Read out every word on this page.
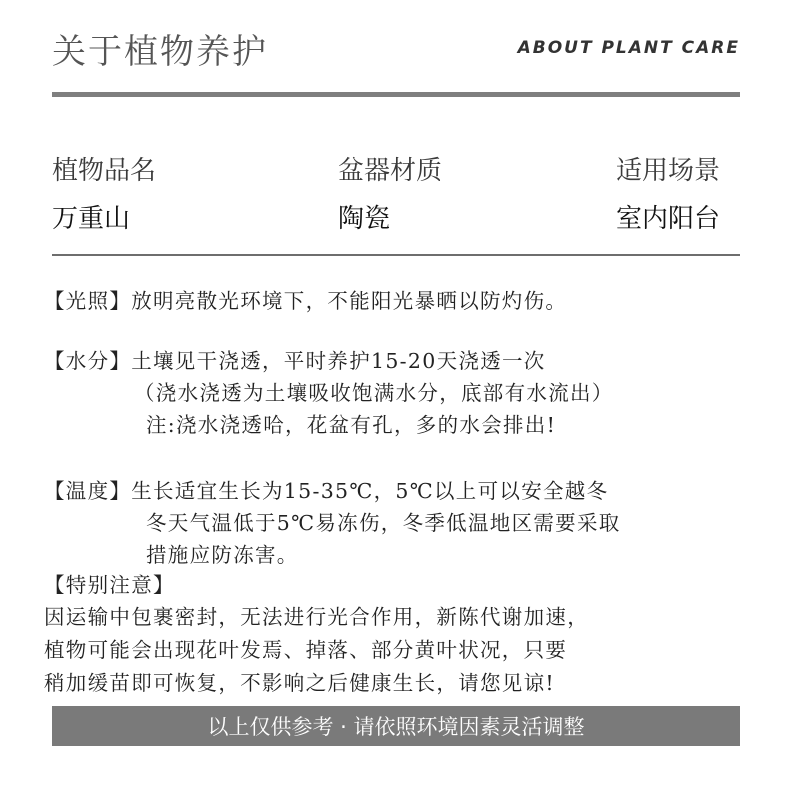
关于植物养护	ABOUT PLANT CARE
植物品名
万重山
盆器材质
陶瓷
适用场景
室内阳台
【光照】放明亮散光环境下，不能阳光暴晒以防灼伤。
【水分】土壤见干浇透，平时养护15-20天浇透一次
（浇水浇透为土壤吸收饱满水分，底部有水流出）
注:浇水浇透哈，花盆有孔，多的水会排出!
【温度】生长适宜生长为15-35℃，5℃以上可以安全越冬
冬天气温低于5℃易冻伤，冬季低温地区需要采取
措施应防冻害。
【特别注意】
因运输中包裹密封，无法进行光合作用，新陈代谢加速，
植物可能会出现花叶发焉、掉落、部分黄叶状况，只要
稍加缓苗即可恢复，不影响之后健康生长，请您见谅!
以上仅供参考 · 请依照环境因素灵活调整
